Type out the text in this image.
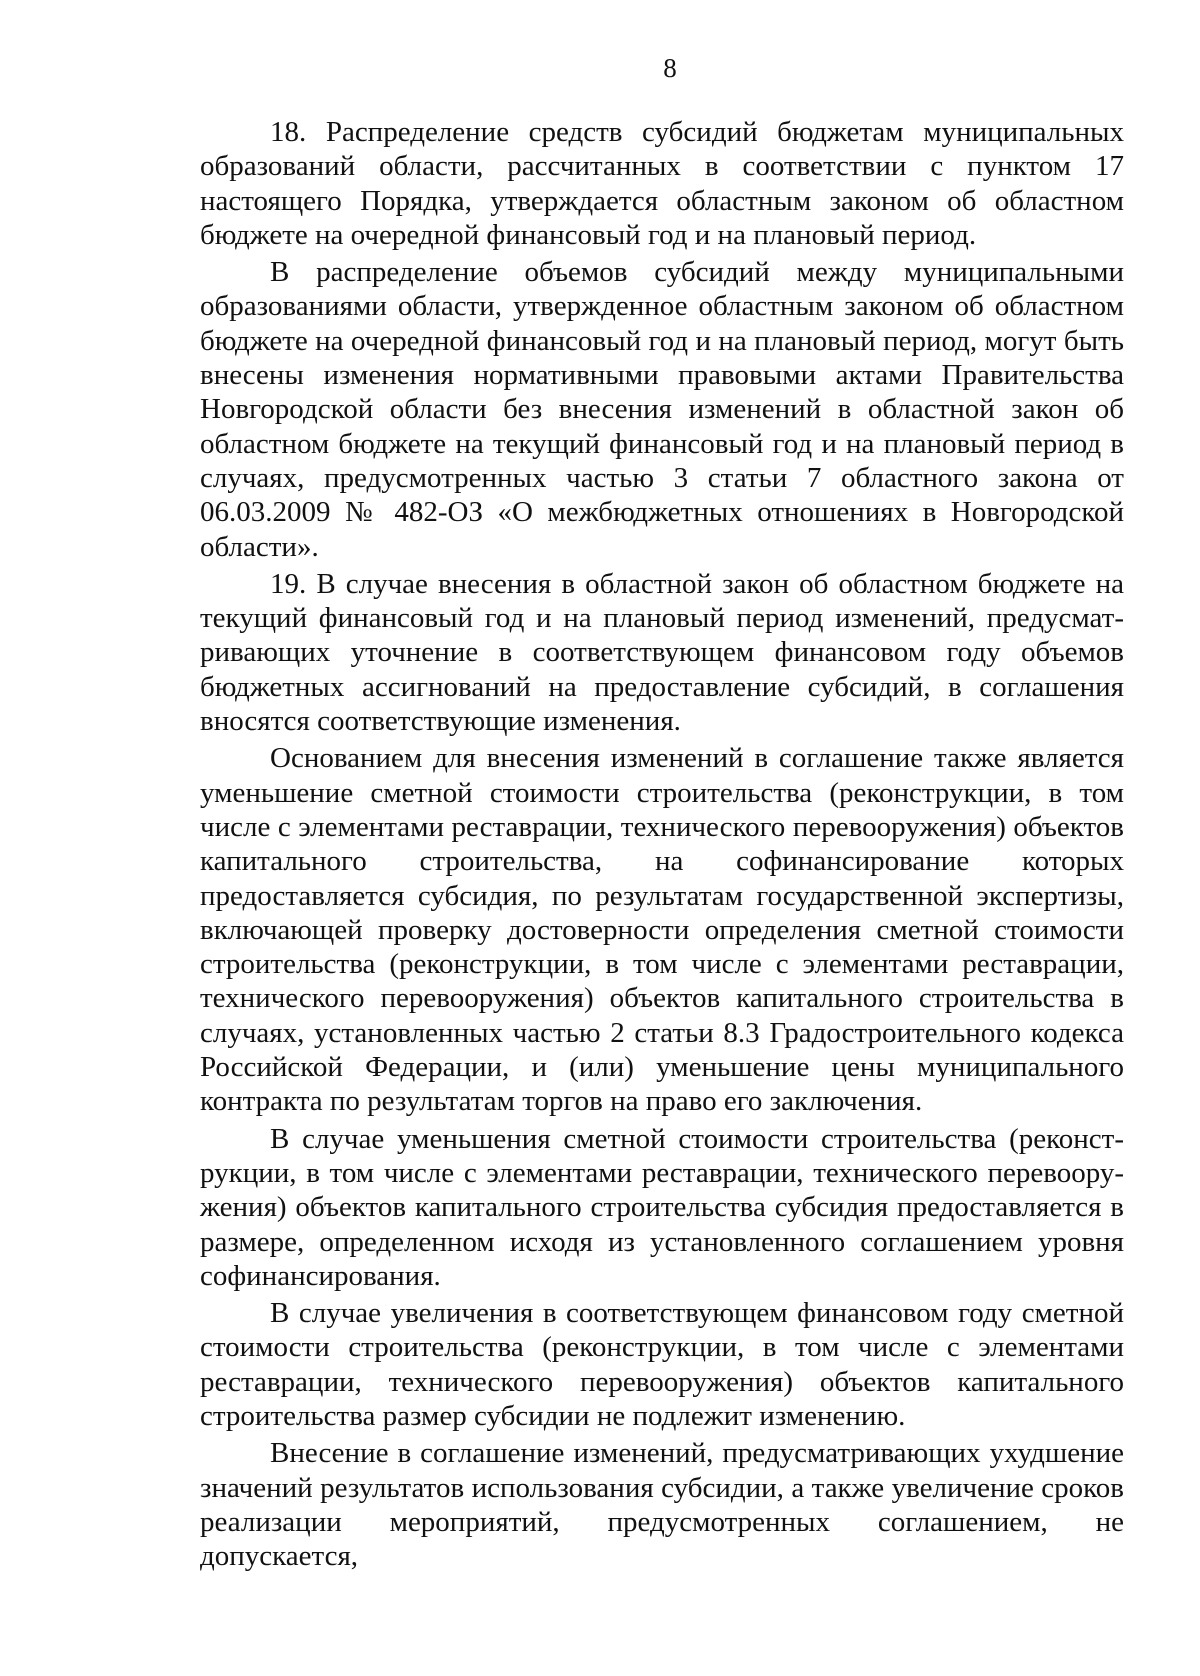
8

18. Распределение средств субсидий бюджетам муниципальных образований области, рассчитанных в соответствии с пунктом 17 настоящего Порядка, утверждается областным законом об областном бюджете на очередной финансовый год и на плановый период.

В распределение объемов субсидий между муниципальными образованиями области, утвержденное областным законом об областном бюджете на очередной финансовый год и на плановый период, могут быть внесены изменения нормативными правовыми актами Правительства Новгородской области без внесения изменений в областной закон об областном бюджете на текущий финансовый год и на плановый период в случаях, предусмотренных частью 3 статьи 7 областного закона от 06.03.2009 № 482-ОЗ «О межбюджетных отношениях в Новгородской области».

19. В случае внесения в областной закон об областном бюджете на текущий финансовый год и на плановый период изменений, предусматривающих уточнение в соответствующем финансовом году объемов бюджетных ассигнований на предоставление субсидий, в соглашения вносятся соответствующие изменения.

Основанием для внесения изменений в соглашение также является уменьшение сметной стоимости строительства (реконструкции, в том числе с элементами реставрации, технического перевооружения) объектов капитального строительства, на софинансирование которых предоставляется субсидия, по результатам государственной экспертизы, включающей проверку достоверности определения сметной стоимости строительства (реконструкции, в том числе с элементами реставрации, технического перевооружения) объектов капитального строительства в случаях, установленных частью 2 статьи 8.3 Градостроительного кодекса Российской Федерации, и (или) уменьшение цены муниципального контракта по результатам торгов на право его заключения.

В случае уменьшения сметной стоимости строительства (реконструкции, в том числе с элементами реставрации, технического перевооружения) объектов капитального строительства субсидия предоставляется в размере, определенном исходя из установленного соглашением уровня софинансирования.

В случае увеличения в соответствующем финансовом году сметной стоимости строительства (реконструкции, в том числе с элементами реставрации, технического перевооружения) объектов капитального строительства размер субсидии не подлежит изменению.

Внесение в соглашение изменений, предусматривающих ухудшение значений результатов использования субсидии, а также увеличение сроков реализации мероприятий, предусмотренных соглашением, не допускается,
